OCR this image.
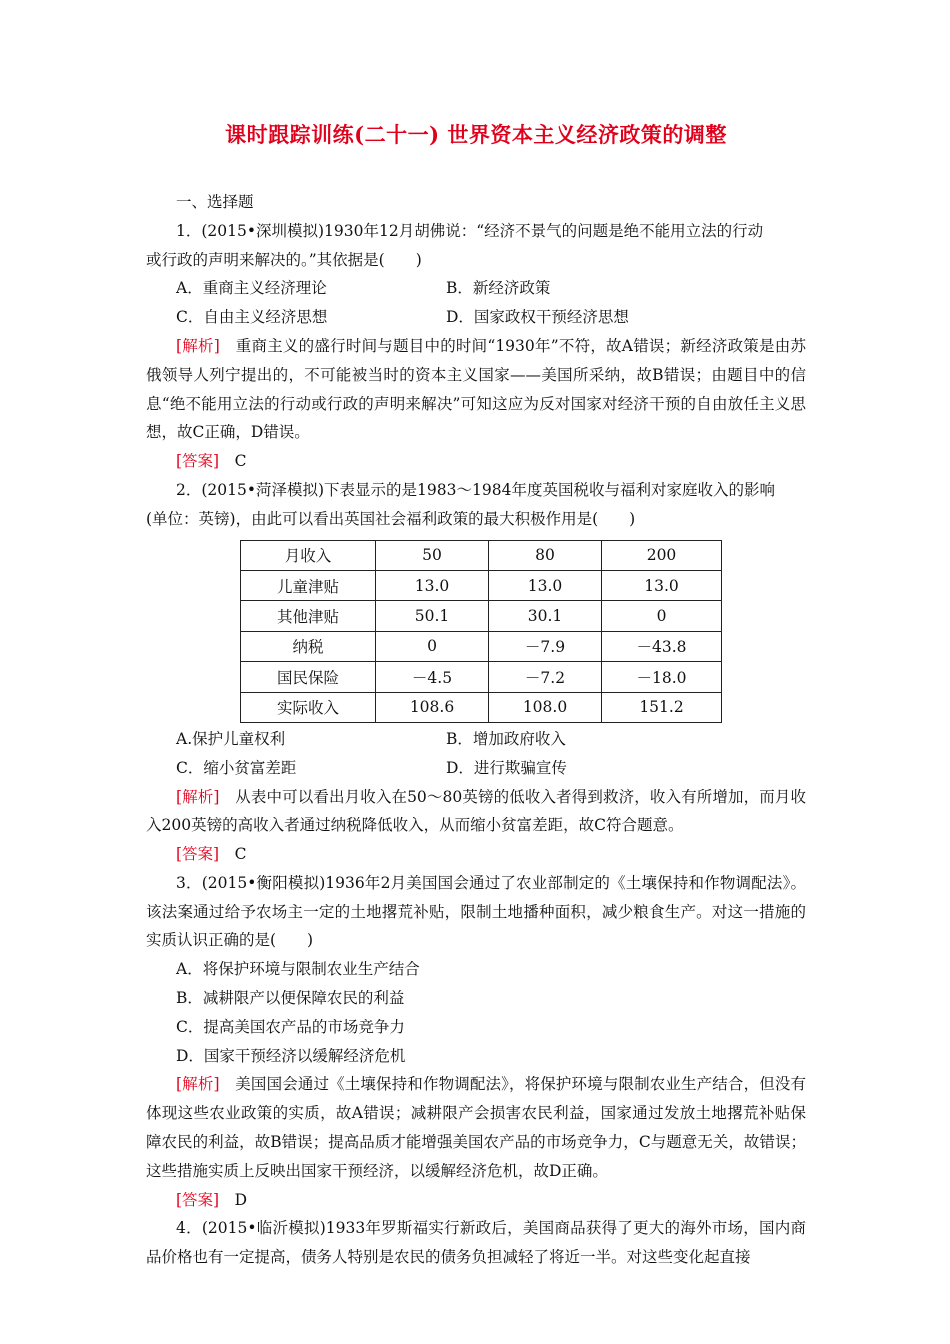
课时跟踪训练(二十一) 世界资本主义经济政策的调整
一、选择题
1．(2015•深圳模拟)1930年12月胡佛说：“经济不景气的问题是绝不能用立法的行动
或行政的声明来解决的。”其依据是(　　)
A．重商主义经济理论	B．新经济政策
C．自由主义经济思想	D．国家政权干预经济思想
[解析]　 重商主义的盛行时间与题目中的时间“1930年”不符，故A错误；新经济政策是由苏俄领导人列宁提出的，不可能被当时的资本主义国家——美国所采纳，故B错误；由题目中的信息“绝不能用立法的行动或行政的声明来解决”可知这应为反对国家对经济干预的自由放任主义思想，故C正确，D错误。
[答案]　 C
2．(2015•菏泽模拟)下表显示的是1983～1984年度英国税收与福利对家庭收入的影响
(单位：英镑)，由此可以看出英国社会福利政策的最大积极作用是(　　)
月收入	50	80	200
儿童津贴	13.0	13.0	13.0
其他津贴	50.1	30.1	0
纳税	0	－7.9	－43.8
国民保险	－4.5	－7.2	－18.0
实际收入	108.6	108.0	151.2
A.保护儿童权利	B．增加政府收入
C．缩小贫富差距	D．进行欺骗宣传
[解析]　 从表中可以看出月收入在50～80英镑的低收入者得到救济，收入有所增加，而月收入200英镑的高收入者通过纳税降低收入，从而缩小贫富差距，故C符合题意。
[答案]　 C
3．(2015•衡阳模拟)1936年2月美国国会通过了农业部制定的《土壤保持和作物调配法》。该法案通过给予农场主一定的土地撂荒补贴，限制土地播种面积，减少粮食生产。对这一措施的实质认识正确的是(　　)
A．将保护环境与限制农业生产结合
B．减耕限产以便保障农民的利益
C．提高美国农产品的市场竞争力
D．国家干预经济以缓解经济危机
[解析]　 美国国会通过《土壤保持和作物调配法》，将保护环境与限制农业生产结合，但没有体现这些农业政策的实质，故A错误；减耕限产会损害农民利益，国家通过发放土地撂荒补贴保障农民的利益，故B错误；提高品质才能增强美国农产品的市场竞争力，C与题意无关，故错误；这些措施实质上反映出国家干预经济，以缓解经济危机，故D正确。
[答案]　 D
4．(2015•临沂模拟)1933年罗斯福实行新政后，美国商品获得了更大的海外市场，国内商品价格也有一定提高，债务人特别是农民的债务负担减轻了将近一半。对这些变化起直接
